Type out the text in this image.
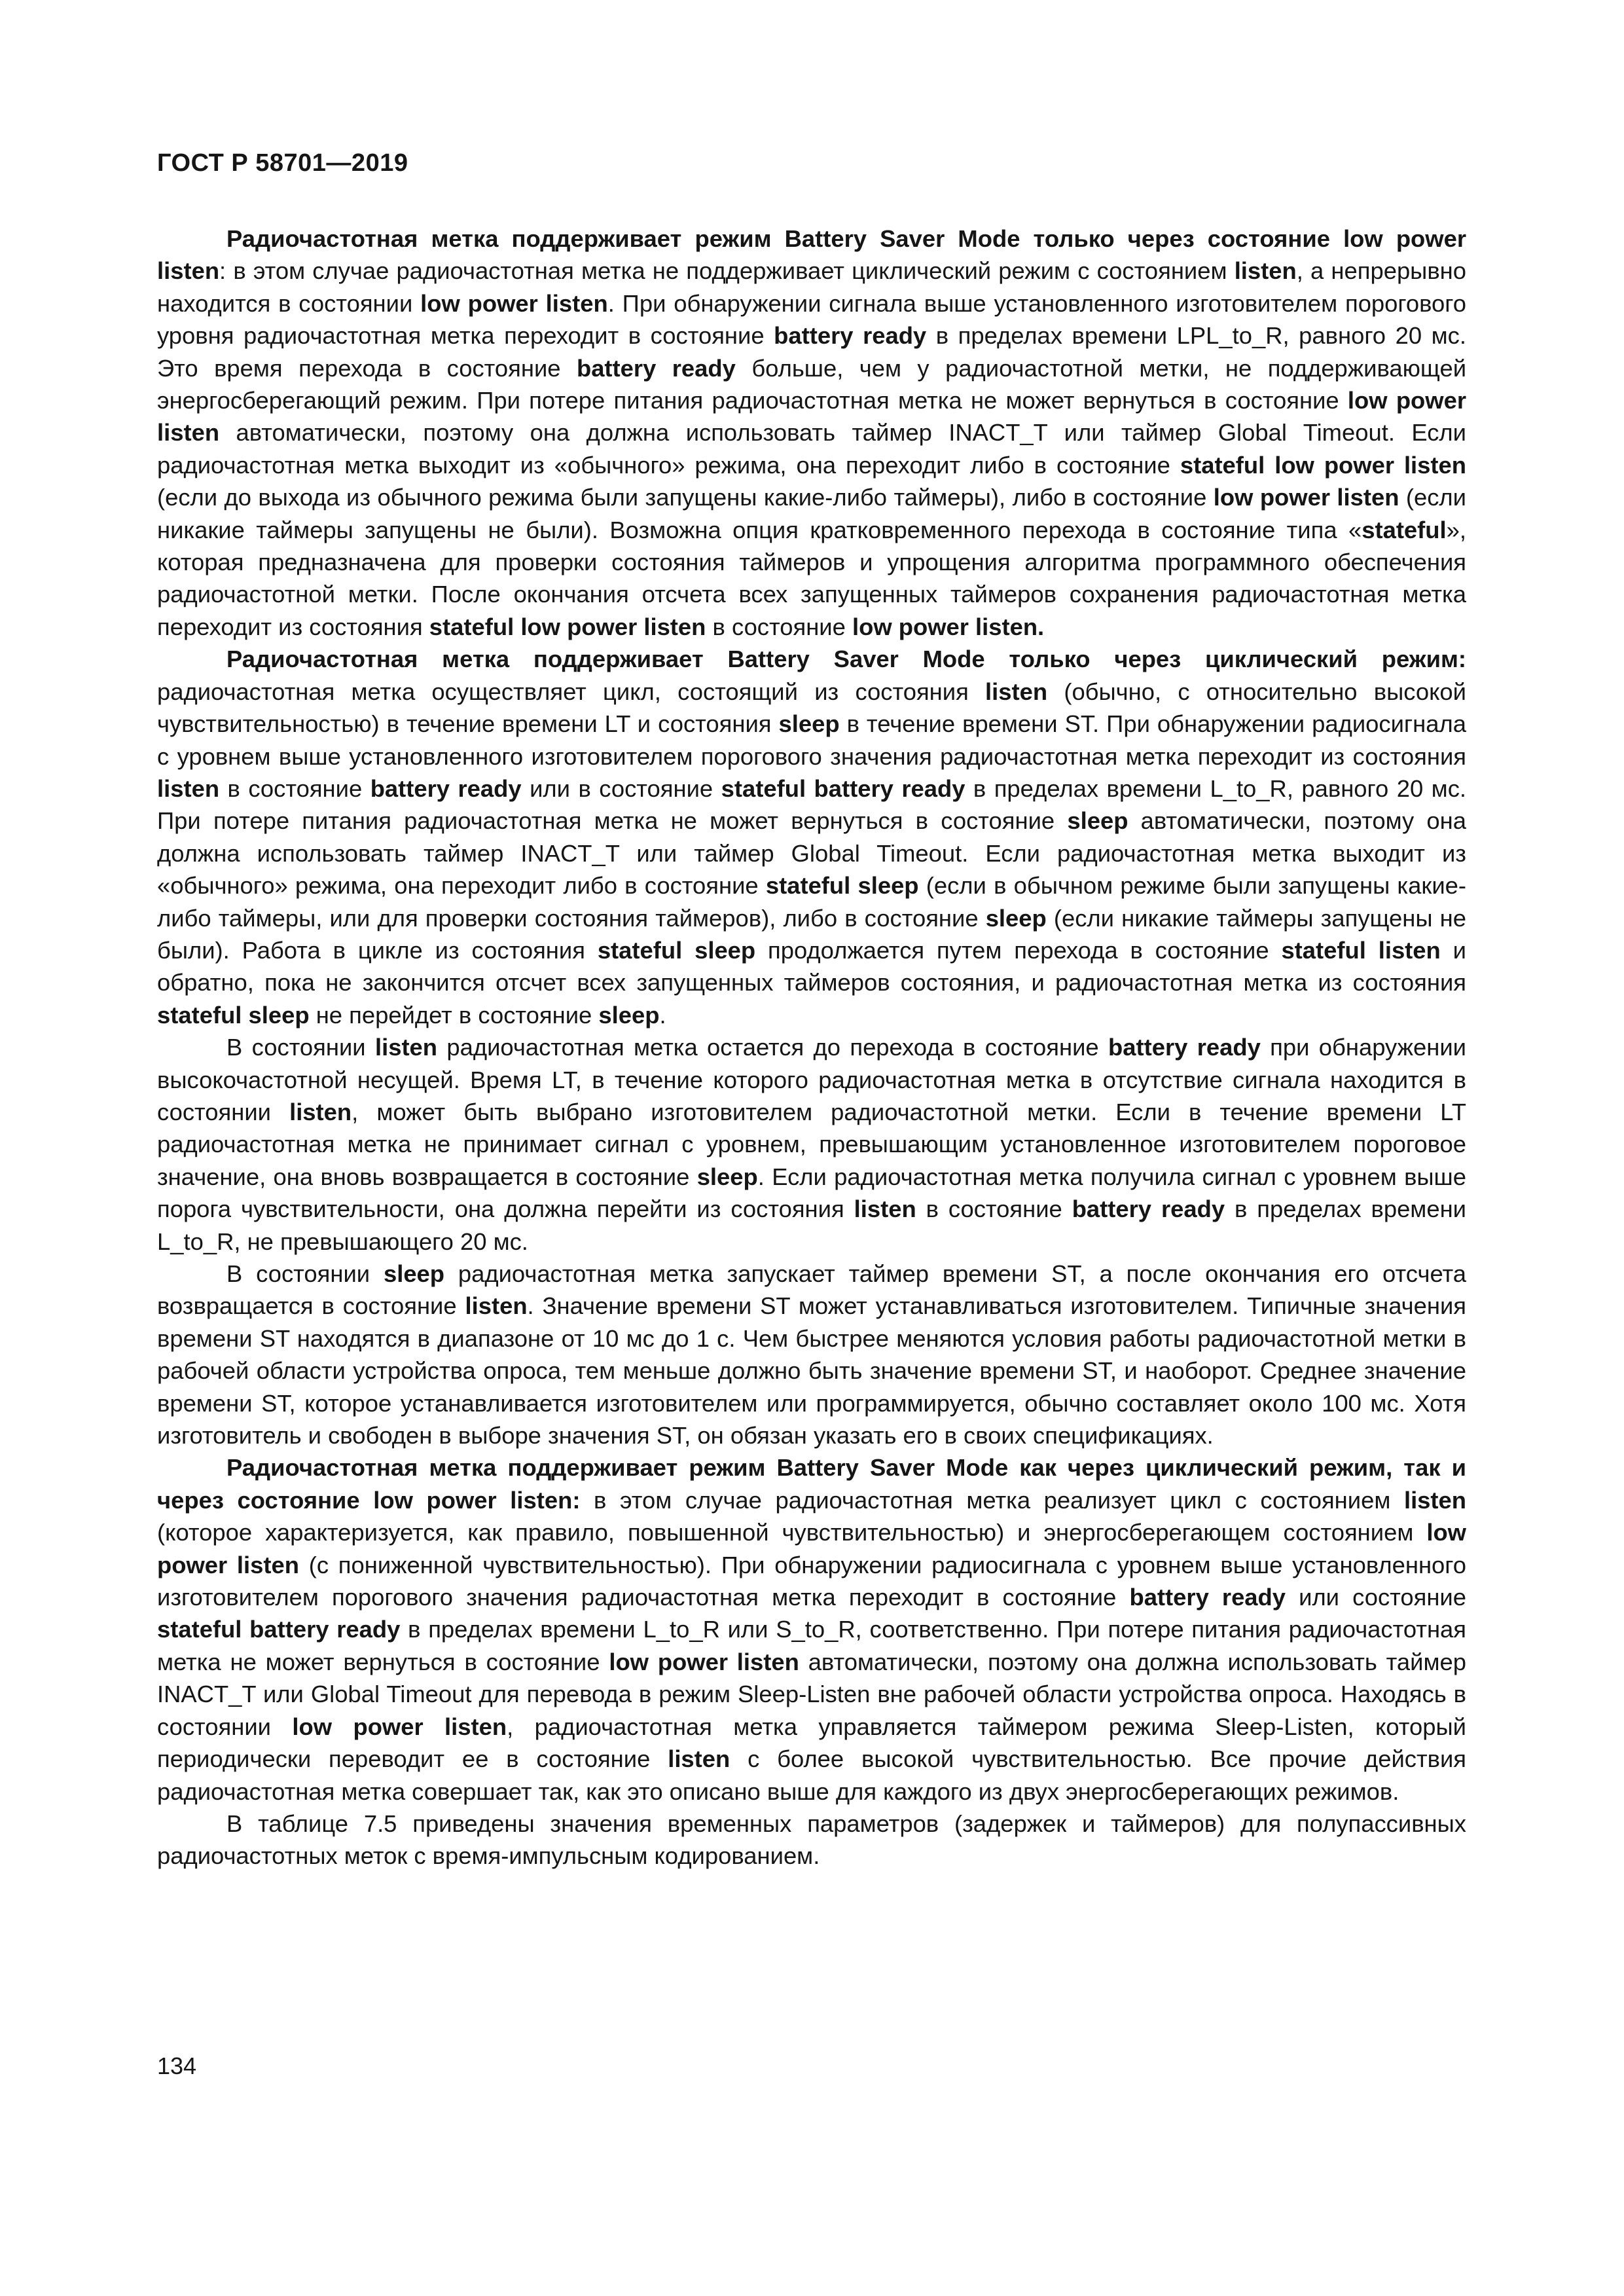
ГОСТ Р 58701—2019

Радиочастотная метка поддерживает режим Battery Saver Mode только через состояние low power listen: в этом случае радиочастотная метка не поддерживает циклический режим с состоянием listen, а непрерывно находится в состоянии low power listen. При обнаружении сигнала выше установленного изготовителем порогового уровня радиочастотная метка переходит в состояние battery ready в пределах времени LPL_to_R, равного 20 мс. Это время перехода в состояние battery ready больше, чем у радиочастотной метки, не поддерживающей энергосберегающий режим. При потере питания радиочастотная метка не может вернуться в состояние low power listen автоматически, поэтому она должна использовать таймер INACT_T или таймер Global Timeout. Если радиочастотная метка выходит из «обычного» режима, она переходит либо в состояние stateful low power listen (если до выхода из обычного режима были запущены какие-либо таймеры), либо в состояние low power listen (если никакие таймеры запущены не были). Возможна опция кратковременного перехода в состояние типа «stateful», которая предназначена для проверки состояния таймеров и упрощения алгоритма программного обеспечения радиочастотной метки. После окончания отсчета всех запущенных таймеров сохранения радиочастотная метка переходит из состояния stateful low power listen в состояние low power listen.

Радиочастотная метка поддерживает Battery Saver Mode только через циклический режим: радиочастотная метка осуществляет цикл, состоящий из состояния listen (обычно, с относительно высокой чувствительностью) в течение времени LT и состояния sleep в течение времени ST. При обнаружении радиосигнала с уровнем выше установленного изготовителем порогового значения радиочастотная метка переходит из состояния listen в состояние battery ready или в состояние stateful battery ready в пределах времени L_to_R, равного 20 мс. При потере питания радиочастотная метка не может вернуться в состояние sleep автоматически, поэтому она должна использовать таймер INACT_T или таймер Global Timeout. Если радиочастотная метка выходит из «обычного» режима, она переходит либо в состояние stateful sleep (если в обычном режиме были запущены какие-либо таймеры, или для проверки состояния таймеров), либо в состояние sleep (если никакие таймеры запущены не были). Работа в цикле из состояния stateful sleep продолжается путем перехода в состояние stateful listen и обратно, пока не закончится отсчет всех запущенных таймеров состояния, и радиочастотная метка из состояния stateful sleep не перейдет в состояние sleep.

В состоянии listen радиочастотная метка остается до перехода в состояние battery ready при обнаружении высокочастотной несущей. Время LT, в течение которого радиочастотная метка в отсутствие сигнала находится в состоянии listen, может быть выбрано изготовителем радиочастотной метки. Если в течение времени LT радиочастотная метка не принимает сигнал с уровнем, превышающим установленное изготовителем пороговое значение, она вновь возвращается в состояние sleep. Если радиочастотная метка получила сигнал с уровнем выше порога чувствительности, она должна перейти из состояния listen в состояние battery ready в пределах времени L_to_R, не превышающего 20 мс.

В состоянии sleep радиочастотная метка запускает таймер времени ST, а после окончания его отсчета возвращается в состояние listen. Значение времени ST может устанавливаться изготовителем. Типичные значения времени ST находятся в диапазоне от 10 мс до 1 с. Чем быстрее меняются условия работы радиочастотной метки в рабочей области устройства опроса, тем меньше должно быть значение времени ST, и наоборот. Среднее значение времени ST, которое устанавливается изготовителем или программируется, обычно составляет около 100 мс. Хотя изготовитель и свободен в выборе значения ST, он обязан указать его в своих спецификациях.

Радиочастотная метка поддерживает режим Battery Saver Mode как через циклический режим, так и через состояние low power listen: в этом случае радиочастотная метка реализует цикл с состоянием listen (которое характеризуется, как правило, повышенной чувствительностью) и энергосберегающем состоянием low power listen (с пониженной чувствительностью). При обнаружении радиосигнала с уровнем выше установленного изготовителем порогового значения радиочастотная метка переходит в состояние battery ready или состояние stateful battery ready в пределах времени L_to_R или S_to_R, соответственно. При потере питания радиочастотная метка не может вернуться в состояние low power listen автоматически, поэтому она должна использовать таймер INACT_T или Global Timeout для перевода в режим Sleep-Listen вне рабочей области устройства опроса. Находясь в состоянии low power listen, радиочастотная метка управляется таймером режима Sleep-Listen, который периодически переводит ее в состояние listen с более высокой чувствительностью. Все прочие действия радиочастотная метка совершает так, как это описано выше для каждого из двух энергосберегающих режимов.

В таблице 7.5 приведены значения временных параметров (задержек и таймеров) для полупассивных радиочастотных меток с время-импульсным кодированием.

134
